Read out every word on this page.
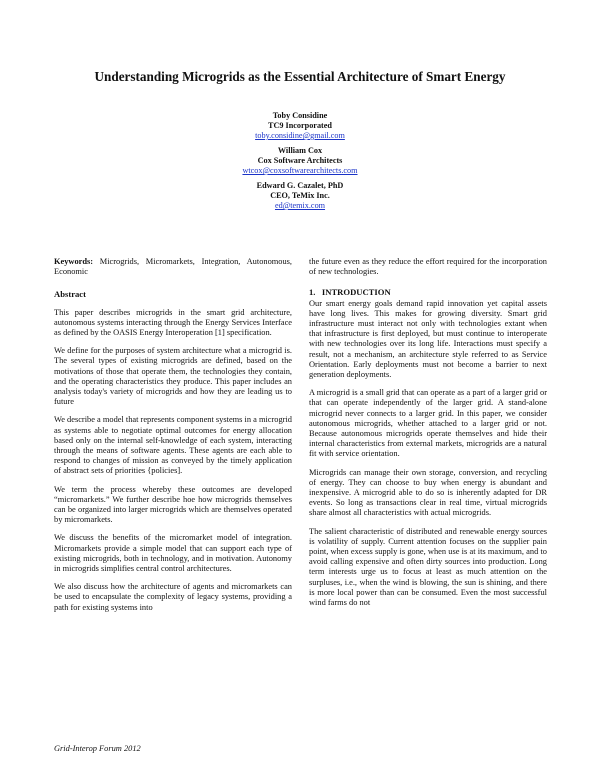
Understanding Microgrids as the Essential Architecture of Smart Energy
Toby Considine
TC9 Incorporated
toby.considine@gmail.com
William Cox
Cox Software Architects
wtcox@coxsoftwarearchitects.com
Edward G. Cazalet, PhD
CEO, TeMix Inc.
ed@temix.com

Keywords: Microgrids, Micromarkets, Integration, Autonomous, Economic

Abstract

This paper describes microgrids in the smart grid architecture, autonomous systems interacting through the Energy Services Interface as defined by the OASIS Energy Interoperation [1] specification.

We define for the purposes of system architecture what a microgrid is. The several types of existing microgrids are defined, based on the motivations of those that operate them, the technologies they contain, and the operating characteristics they produce. This paper includes an analysis today's variety of microgrids and how they are leading us to future

We describe a model that represents component systems in a microgrid as systems able to negotiate optimal outcomes for energy allocation based only on the internal self-knowledge of each system, interacting through the means of software agents. These agents are each able to respond to changes of mission as conveyed by the timely application of abstract sets of priorities {policies].

We term the process whereby these outcomes are developed “micromarkets.” We further describe hoe how microgrids themselves can be organized into larger microgrids which are themselves operated by micromarkets.

We discuss the benefits of the micromarket model of integration. Micromarkets provide a simple model that can support each type of existing microgrids, both in technology, and in motivation. Autonomy in microgrids simplifies central control architectures.

We also discuss how the architecture of agents and micromarkets can be used to encapsulate the complexity of legacy systems, providing a path for existing systems into

the future even as they reduce the effort required for the incorporation of new technologies.

1.   INTRODUCTION

Our smart energy goals demand rapid innovation yet capital assets have long lives. This makes for growing diversity. Smart grid infrastructure must interact not only with technologies extant when that infrastructure is first deployed, but must continue to interoperate with new technologies over its long life. Interactions must specify a result, not a mechanism, an architecture style referred to as Service Orientation. Early deployments must not become a barrier to next generation deployments.

A microgrid is a small grid that can operate as a part of a larger grid or that can operate independently of the larger grid. A stand-alone microgrid never connects to a larger grid. In this paper, we consider autonomous microgrids, whether attached to a larger grid or not. Because autonomous microgrids operate themselves and hide their internal characteristics from external markets, microgrids are a natural fit with service orientation.

Microgrids can manage their own storage, conversion, and recycling of energy. They can choose to buy when energy is abundant and inexpensive. A microgrid able to do so is inherently adapted for DR events. So long as transactions clear in real time, virtual microgrids share almost all characteristics with actual microgrids.

The salient characteristic of distributed and renewable energy sources is volatility of supply. Current attention focuses on the supplier pain point, when excess supply is gone, when use is at its maximum, and to avoid calling expensive and often dirty sources into production. Long term interests urge us to focus at least as much attention on the surpluses, i.e., when the wind is blowing, the sun is shining, and there is more local power than can be consumed. Even the most successful wind farms do not

Grid-Interop Forum 2012
